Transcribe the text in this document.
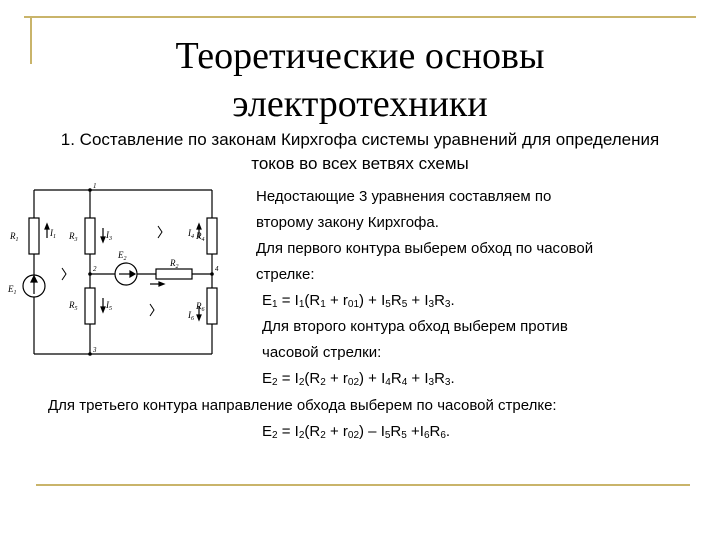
Теоретические основы электротехники
1. Составление по законам Кирхгофа системы уравнений для определения токов во всех ветвях схемы
$R_1$	$R_3$
$R_5$
$R_4$
$R_6$
$R_2$
$E_1$
$E_2$
$I_1$	$I_3$
$I_5$
$I_4$
$I_6$
1
2
3
4
Недостающие 3 уравнения составляем по
второму закону Кирхгофа.
Для первого контура выберем обход по часовой
стрелке:
$E_1 = I_1(R_1 + r_{01}) + I_5R_5 + I_3R_3$.
Для второго контура обход выберем против
часовой стрелки:
$E_2 = I_2(R_2 + r_{02}) + I_4R_4 + I_3R_3$.
Для третьего контура направление обхода выберем по часовой стрелке:
$E_2 = I_2(R_2 + r_{02}) - I_5R_5 +I_6R_6$.
